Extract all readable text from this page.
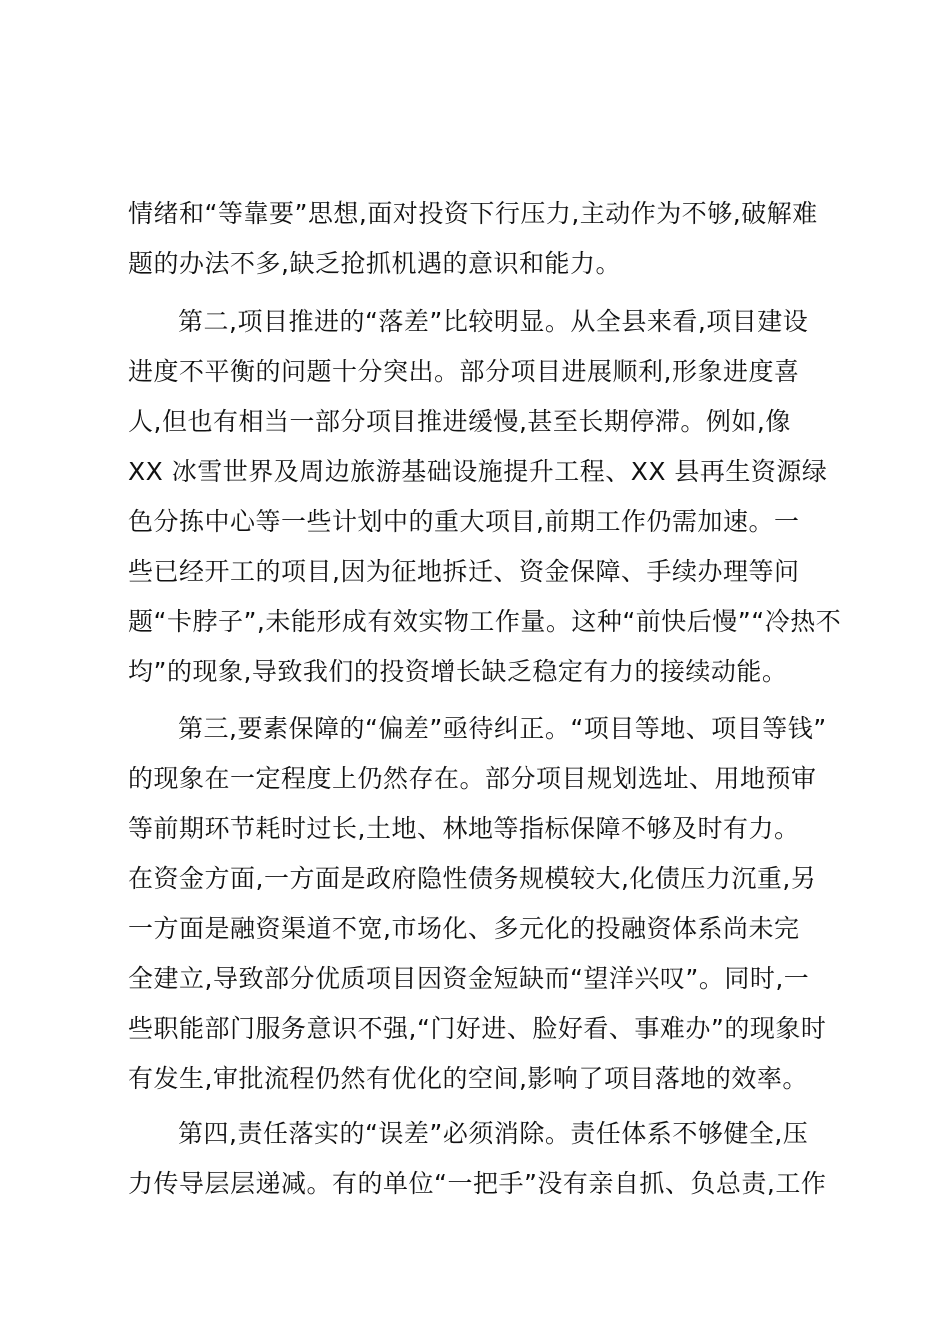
情绪和“等靠要”思想,面对投资下行压力,主动作为不够,破解难
题的办法不多,缺乏抢抓机遇的意识和能力。
第二,项目推进的“落差”比较明显。从全县来看,项目建设
进度不平衡的问题十分突出。部分项目进展顺利,形象进度喜
人,但也有相当一部分项目推进缓慢,甚至长期停滞。例如,像
XX 冰雪世界及周边旅游基础设施提升工程、XX 县再生资源绿
色分拣中心等一些计划中的重大项目,前期工作仍需加速。一
些已经开工的项目,因为征地拆迁、资金保障、手续办理等问
题“卡脖子”,未能形成有效实物工作量。这种“前快后慢”“冷热不
均”的现象,导致我们的投资增长缺乏稳定有力的接续动能。
第三,要素保障的“偏差”亟待纠正。“项目等地、项目等钱”
的现象在一定程度上仍然存在。部分项目规划选址、用地预审
等前期环节耗时过长,土地、林地等指标保障不够及时有力。
在资金方面,一方面是政府隐性债务规模较大,化债压力沉重,另
一方面是融资渠道不宽,市场化、多元化的投融资体系尚未完
全建立,导致部分优质项目因资金短缺而“望洋兴叹”。同时,一
些职能部门服务意识不强,“门好进、脸好看、事难办”的现象时
有发生,审批流程仍然有优化的空间,影响了项目落地的效率。
第四,责任落实的“误差”必须消除。责任体系不够健全,压
力传导层层递减。有的单位“一把手”没有亲自抓、负总责,工作
